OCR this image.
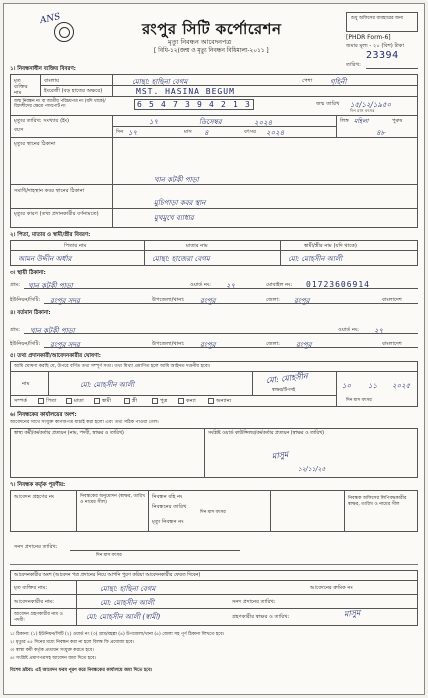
ANS
রংপুর সিটি কর্পোরেশন
মৃত্যু নিবন্ধন আবেদনপত্র
[ বিধি-১২(জন্ম ও মৃত্যু নিবন্ধন বিধিমালা-২০১১ ]
শুধু অফিসের ব্যবহারের জন্য
[PHDR Form-6]
জমার মূল্য - ২০ (বিশ) টাকা
23394
তারিখ:
১। নিবন্ধনাধীন ব্যক্তির বিবরণ:
মৃত ব্যক্তির নাম
বাংলায়	মোছা: হাছিনা বেগম	পেশা	গৃহিনী
ইংরেজী (বড় হাতের অক্ষরে)	MST. HASINA BEGUM
জন্ম নিবন্ধন নং বা জাতীয় পরিচয়পত্র নং (যদি থাকে)/বিদেশীদের ক্ষেত্রে পাসপোর্ট নং	6 5 4 7 3 9 4 2 1 3	জন্ম তারিখ ১৫/১২/১৯৫০
দিন মাস বৎসর
মৃত্যুর তারিখ: সংখ্যায় (ইং)
বয়স
১৭	ডিসেম্বর	২০২৪
দিন ১৭	মাস ৪	বৎসর ২০২৪
লিঙ্গ মহিলা	পুরুষ
৪৮
মৃত্যুর স্থানের ঠিকানা
খান কটকী পাড়া
সমাধি/দাহস্থান কবর স্থানের ঠিকানা
মুচিপাড়া কবর স্থান
মৃত্যুর কারণ (তথ্য প্রদানকারীর বর্ণনামতে)	মুখমুখে ব্যাধার
২। পিতা, মাতার ও স্বামী/স্ত্রীর বিবরণ:
পিতার নাম	মাতার নাম	স্বামী/স্ত্রীর নাম (যদি থাকে)
আমন উদ্দীন অর্ধার	মোছা: হাজেরা বেগম	মো: মোহসীন আলী
৩। স্থায়ী ঠিকানা:
গ্রাম: খান কটকী পাড়া	ওয়ার্ড নং: ২৭	মোবাইল নং: 01723606914
ইউনিয়ন/সিটি: রংপুর সদর	উপজেলা/থানা: রংপুর	জেলা: রংপুর	বাংলাদেশ
৪। বর্তমান ঠিকানা:
গ্রাম: খান কটকী পাড়া	ওয়ার্ড নং: ২৭
ইউনিয়ন/সিটি: রংপুর সদর	উপজেলা/থানা: রংপুর	জেলা: রংপুর	বাংলাদেশ
৫। তথ্য প্রদানকারী/আবেদনকারীর ঘোষণা:
আমি ঘোষণা করছি যে, উপরে বর্ণিত তথ্য সম্পূর্ণ সত্য। তথ্য মিথ্যা প্রমাণিত হলে আমি আইনত দণ্ডনীয় হবো।
নাম	মো: মোহসীন আলী	মো: মোহসীন
স্বাক্ষর/টিপসই
১০ ১১ ২০২৫
দিন মাস বৎসর
সম্পর্ক	পিতা	মাতা	স্বামী	স্ত্রী	পুত্র	কন্যা	অন্যান্য
৬। নিবন্ধকের কার্যালয়ের অংশ:
আবেদনের সাথে সংযুক্ত কাগজপত্র যাচাই করা হলো এবং তথ্য সঠিক পাওয়া গেল।
স্বাস্থ্য কর্মী/কর্মকর্তার প্রত্যয়ন (নাম, পদবী, স্বাক্ষর ও তারিখ)	সংশ্লিষ্ট ওয়ার্ড কাউন্সিলর/কর্মকর্তার প্রত্যয়ন (স্বাক্ষর ও তারিখ)
মাসুম
১২/১১/২৫
৭। নিবন্ধক কর্তৃক পূরণীয়:
আবেদন গ্রহণের নং	নিবন্ধকের অনুমোদন (স্বাক্ষর, তারিখ ও নামের সীল)
নিবন্ধন বহি নং
নিবন্ধনের তারিখ
দিন মাস বৎসর
মৃত্যু নিবন্ধন নং
নিবন্ধক অফিসের লিপিবদ্ধকারীর স্বাক্ষর, তারিখ ও নামের সীল
সনদ প্রদানের তারিখ:
দিন মাস বৎসর
আবেদনকারীর অংশ (আবেদন পত্র প্রদানের নিয়ে আপনি পুরণ করিয়া আবেদনকারীর ফেরত দিবেন)
মৃত ব্যক্তির নাম:	মোছা: হাছিনা বেগম	আবেদনের ক্রমিক নং
আবেদনকারীর নাম:	মো: মোহসীন আলী	সনদ প্রদানের তারিখ:
আবেদন গ্রহণকারীর নাম ও পদবী:	মো: মোহসীন আলী (স্বামী)	গ্রহণকারীর স্বাক্ষর ও তারিখ:	মাসুম
১। ঠিকানা: (১) ইউনিয়ন/সিটি (২) ওয়ার্ড নং (৩) গ্রাম/মহল্লা (৪) উপজেলা/থানা (৫) জেলা সহ পূর্ণ ঠিকানা লিখতে হবে।
২। মৃত্যুর ৪৫ দিনের মধ্যে নিবন্ধন করা না হলে বিলম্ব ফি প্রযোজ্য হবে।
৩। স্বাস্থ্য কর্মী কর্তৃক প্রত্যয়ন সংযুক্ত করতে হবে।
৪। সংশ্লিষ্ট প্রমাণপত্রসহ আবেদন জমা দিতে হবে।
বিশেষ দ্রষ্টব্য: এই আবেদন ফরম পূরণ করে নিবন্ধকের কার্যালয়ে জমা দিতে হবে।
